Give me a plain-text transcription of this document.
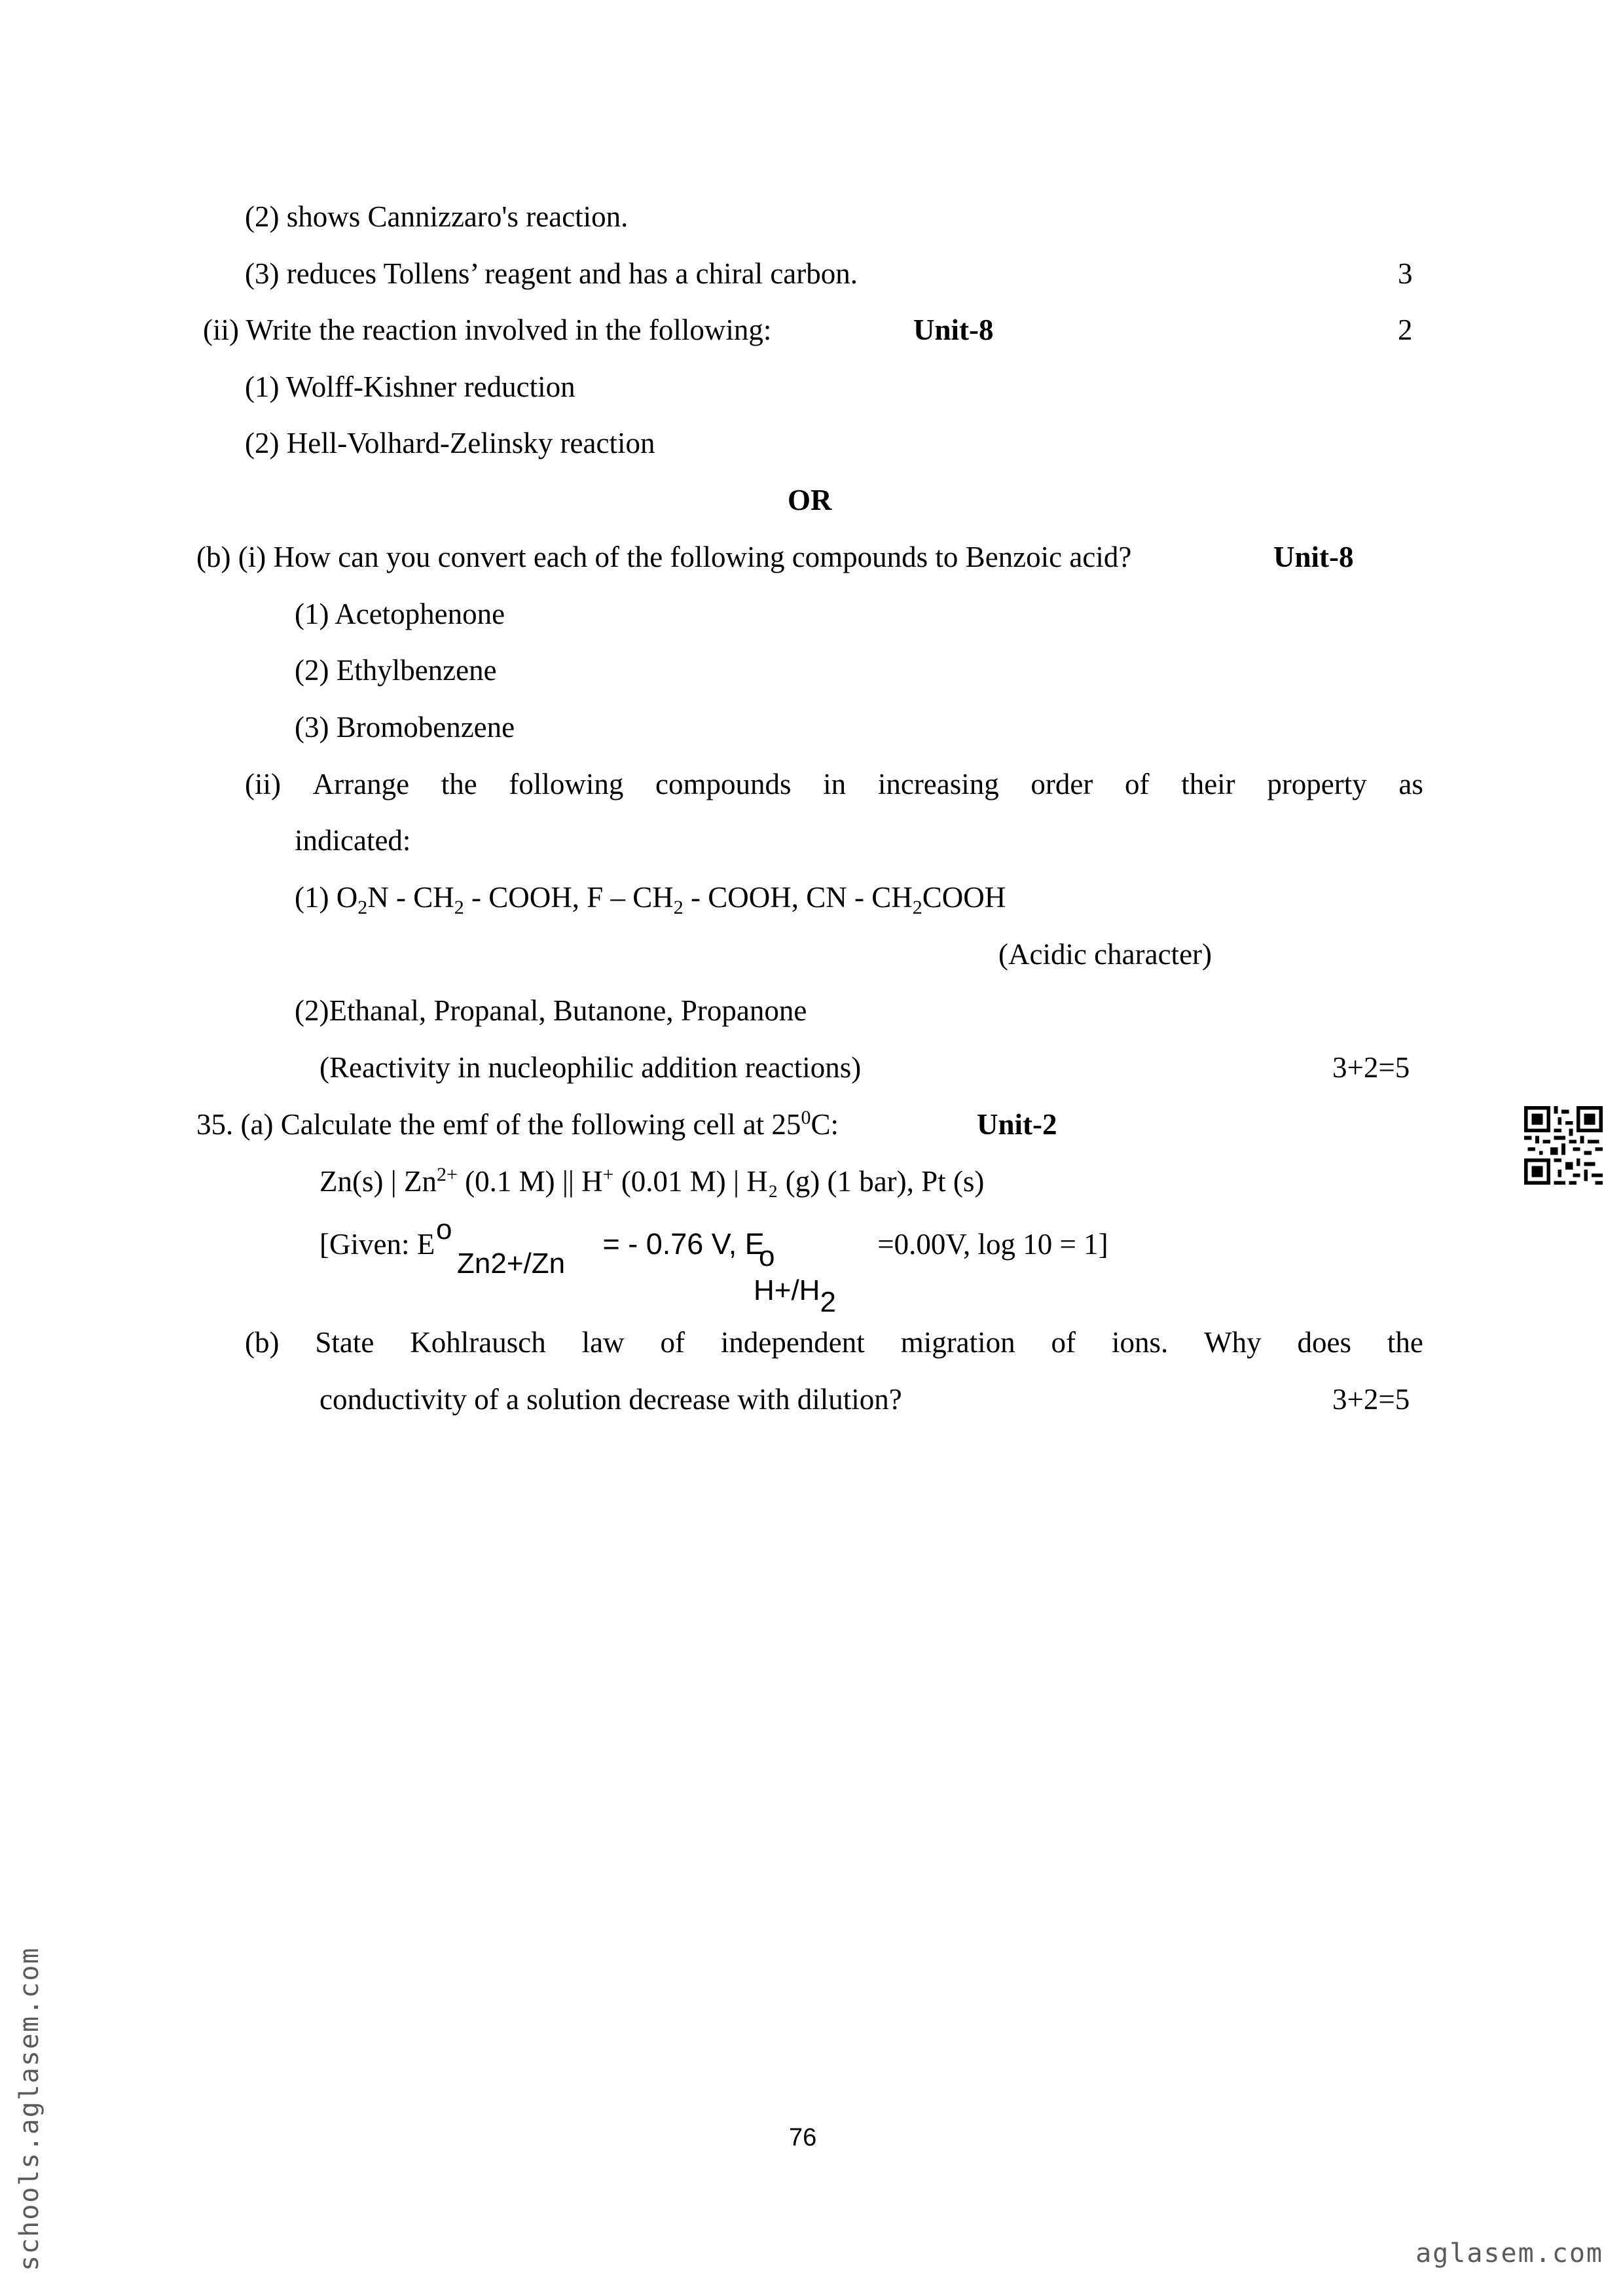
(2) shows Cannizzaro's reaction.
(3) reduces Tollens’ reagent and has a chiral carbon.	3
(ii) Write the reaction involved in the following:	Unit-8	2
(1) Wolff-Kishner reduction
(2) Hell-Volhard-Zelinsky reaction
OR
(b) (i) How can you convert each of the following compounds to Benzoic acid?	Unit-8
(1) Acetophenone
(2) Ethylbenzene
(3) Bromobenzene
(ii) Arrange the following compounds in increasing order of their property as
indicated:
(1) $O_2N - CH_2$ - COOH, F – $CH_2$ - COOH, CN - $CH_2COOH$
(Acidic character)
(2)Ethanal, Propanal, Butanone, Propanone
(Reactivity in nucleophilic addition reactions)	3+2=5
35. (a) Calculate the emf of the following cell at $25^0C$:	Unit-2
Zn(s) | $Zn^{2+}$ (0.1 M) || H+ (0.01 M) | H₂ (g) (1 bar), Pt (s)
[Given: E o
Zn2+/Zn
= - 0.76 V, E
o
H+/H2
=0.00V, log 10 = 1]
(b) State Kohlrausch law of independent migration of ions. Why does the
conductivity of a solution decrease with dilution?	3+2=5
76
schools.aglasem.com	aglasem.com
